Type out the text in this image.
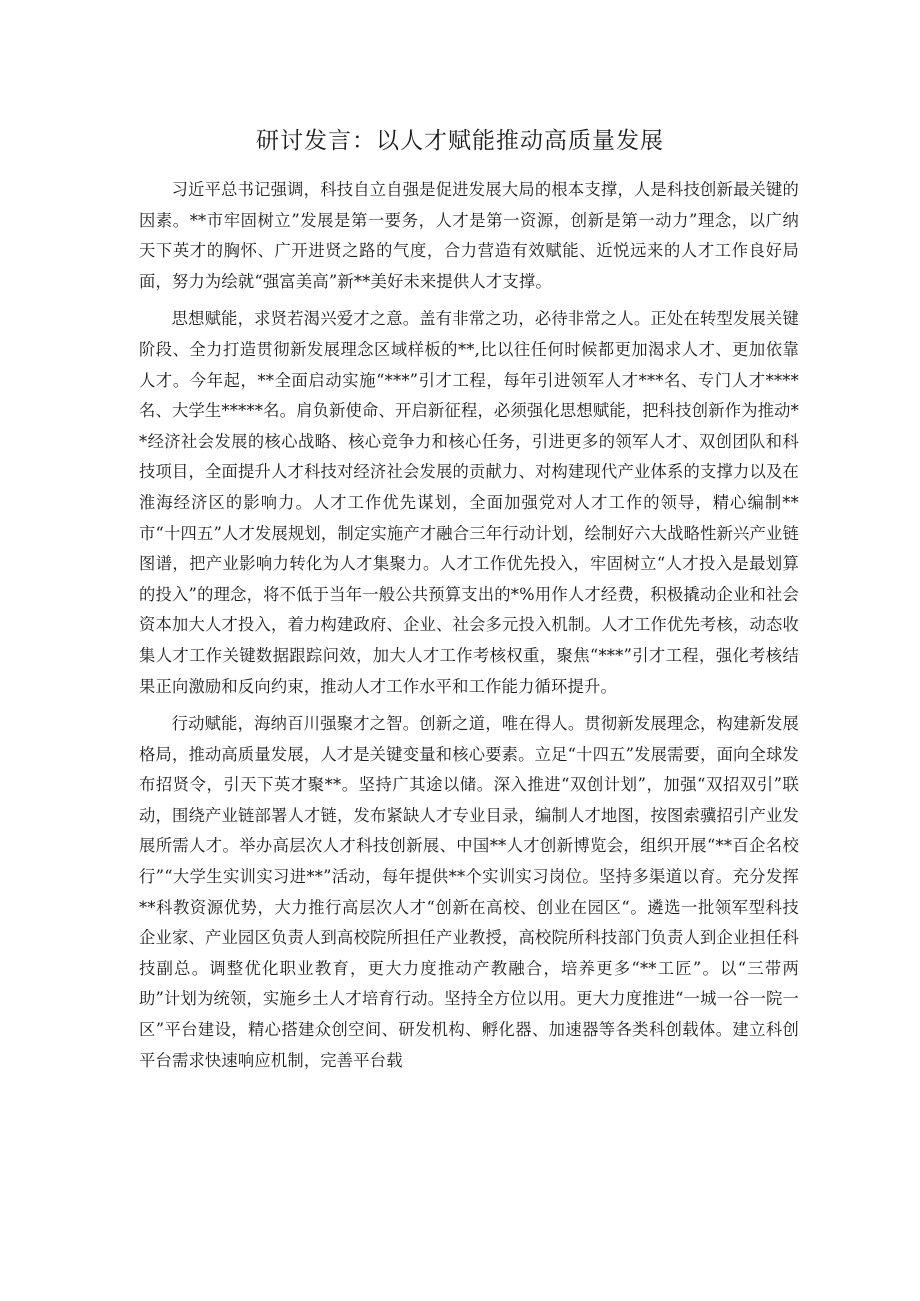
研讨发言：以人才赋能推动高质量发展

习近平总书记强调，科技自立自强是促进发展大局的根本支撑，人是科技创新最关键的因素。**市牢固树立”发展是第一要务，人才是第一资源，创新是第一动力”理念，以广纳天下英才的胸怀、广开进贤之路的气度，合力营造有效赋能、近悦远来的人才工作良好局面，努力为绘就“强富美高”新**美好未来提供人才支撑。

思想赋能，求贤若渴兴爱才之意。盖有非常之功，必待非常之人。正处在转型发展关键阶段、全力打造贯彻新发展理念区域样板的**,比以往任何时候都更加渴求人才、更加依靠人才。今年起，**全面启动实施“***”引才工程，每年引进领军人才***名、专门人才****名、大学生*****名。肩负新使命、开启新征程，必须强化思想赋能，把科技创新作为推动**经济社会发展的核心战略、核心竞争力和核心任务，引进更多的领军人才、双创团队和科技项目，全面提升人才科技对经济社会发展的贡献力、对构建现代产业体系的支撑力以及在淮海经济区的影响力。人才工作优先谋划，全面加强党对人才工作的领导，精心编制**市“十四五”人才发展规划，制定实施产才融合三年行动计划，绘制好六大战略性新兴产业链图谱，把产业影响力转化为人才集聚力。人才工作优先投入，牢固树立“人才投入是最划算的投入”的理念，将不低于当年一般公共预算支出的*%用作人才经费，积极撬动企业和社会资本加大人才投入，着力构建政府、企业、社会多元投入机制。人才工作优先考核，动态收集人才工作关键数据跟踪问效，加大人才工作考核权重，聚焦“***”引才工程，强化考核结果正向激励和反向约束，推动人才工作水平和工作能力循环提升。

行动赋能，海纳百川强聚才之智。创新之道，唯在得人。贯彻新发展理念，构建新发展格局，推动高质量发展，人才是关键变量和核心要素。立足“十四五”发展需要，面向全球发布招贤令，引天下英才聚**。坚持广其途以储。深入推进“双创计划”，加强“双招双引”联动，围绕产业链部署人才链，发布紧缺人才专业目录，编制人才地图，按图索骥招引产业发展所需人才。举办高层次人才科技创新展、中国**人才创新博览会，组织开展“**百企名校行”“大学生实训实习进**”活动，每年提供**个实训实习岗位。坚持多渠道以育。充分发挥**科教资源优势，大力推行高层次人才“创新在高校、创业在园区“。遴选一批领军型科技企业家、产业园区负责人到高校院所担任产业教授，高校院所科技部门负责人到企业担任科技副总。调整优化职业教育，更大力度推动产教融合，培养更多“**工匠”。以“三带两助”计划为统领，实施乡土人才培育行动。坚持全方位以用。更大力度推进“一城一谷一院一区”平台建设，精心搭建众创空间、研发机构、孵化器、加速器等各类科创载体。建立科创平台需求快速响应机制，完善平台载
